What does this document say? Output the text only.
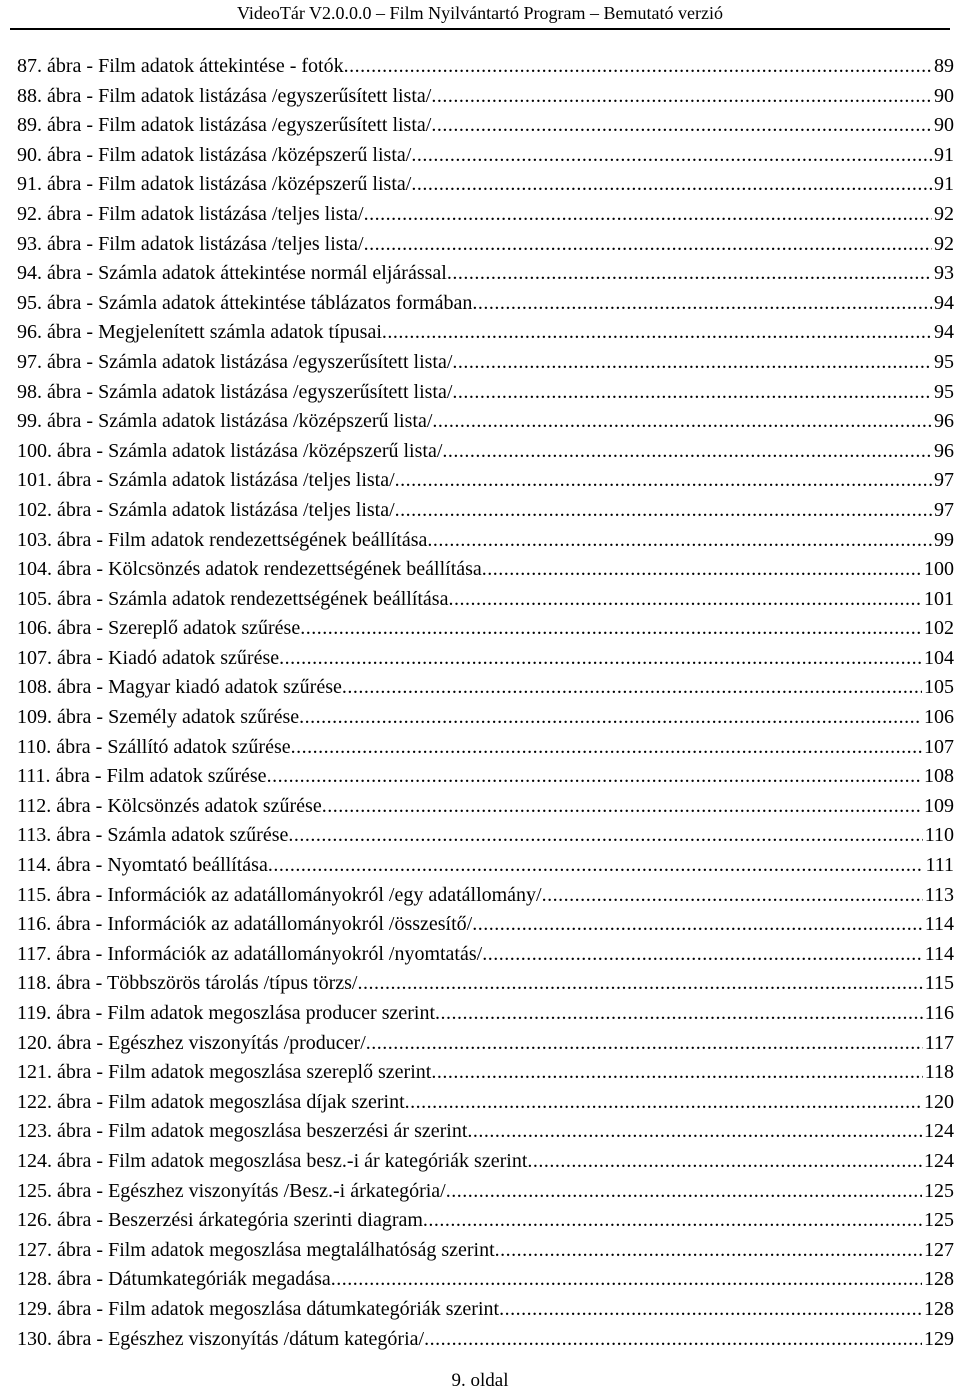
VideoTár V2.0.0.0 – Film Nyilvántartó Program – Bemutató verzió
87. ábra - Film adatok áttekintése - fotók .....	89
88. ábra - Film adatok listázása /egyszerűsített lista/ .....	90
89. ábra - Film adatok listázása /egyszerűsített lista/ .....	90
90. ábra - Film adatok listázása /középszerű lista/ .....	91
91. ábra - Film adatok listázása /középszerű lista/ .....	91
92. ábra - Film adatok listázása /teljes lista/ .....	92
93. ábra - Film adatok listázása /teljes lista/ .....	92
94. ábra - Számla adatok áttekintése normál eljárással .....	93
95. ábra - Számla adatok áttekintése táblázatos formában .....	94
96. ábra - Megjelenített számla adatok típusai .....	94
97. ábra - Számla adatok listázása /egyszerűsített lista/ .....	95
98. ábra - Számla adatok listázása /egyszerűsített lista/ .....	95
99. ábra - Számla adatok listázása /középszerű lista/ .....	96
100. ábra - Számla adatok listázása /középszerű lista/ .....	96
101. ábra - Számla adatok listázása /teljes lista/ .....	97
102. ábra - Számla adatok listázása /teljes lista/ .....	97
103. ábra - Film adatok rendezettségének beállítása .....	99
104. ábra - Kölcsönzés adatok rendezettségének beállítása .....	100
105. ábra - Számla adatok rendezettségének beállítása .....	101
106. ábra - Szereplő adatok szűrése .....	102
107. ábra - Kiadó adatok szűrése .....	104
108. ábra - Magyar kiadó adatok szűrése .....	105
109. ábra - Személy adatok szűrése .....	106
110. ábra - Szállító adatok szűrése .....	107
111. ábra - Film adatok szűrése .....	108
112. ábra - Kölcsönzés adatok szűrése .....	109
113. ábra - Számla adatok szűrése .....	110
114. ábra - Nyomtató beállítása .....	111
115. ábra - Információk az adatállományokról /egy adatállomány/ .....	113
116. ábra - Információk az adatállományokról /összesítő/ .....	114
117. ábra - Információk az adatállományokról /nyomtatás/ .....	114
118. ábra - Többszörös tárolás /típus törzs/ .....	115
119. ábra - Film adatok megoszlása producer szerint .....	116
120. ábra - Egészhez viszonyítás /producer/ .....	117
121. ábra - Film adatok megoszlása szereplő szerint .....	118
122. ábra - Film adatok megoszlása díjak szerint .....	120
123. ábra - Film adatok megoszlása beszerzési ár szerint .....	124
124. ábra - Film adatok megoszlása besz.-i ár kategóriák szerint .....	124
125. ábra - Egészhez viszonyítás /Besz.-i árkategória/ .....	125
126. ábra - Beszerzési árkategória szerinti diagram .....	125
127. ábra - Film adatok megoszlása megtalálhatóság szerint .....	127
128. ábra - Dátumkategóriák megadása .....	128
129. ábra - Film adatok megoszlása dátumkategóriák szerint .....	128
130. ábra - Egészhez viszonyítás /dátum kategória/ .....	129
9. oldal
